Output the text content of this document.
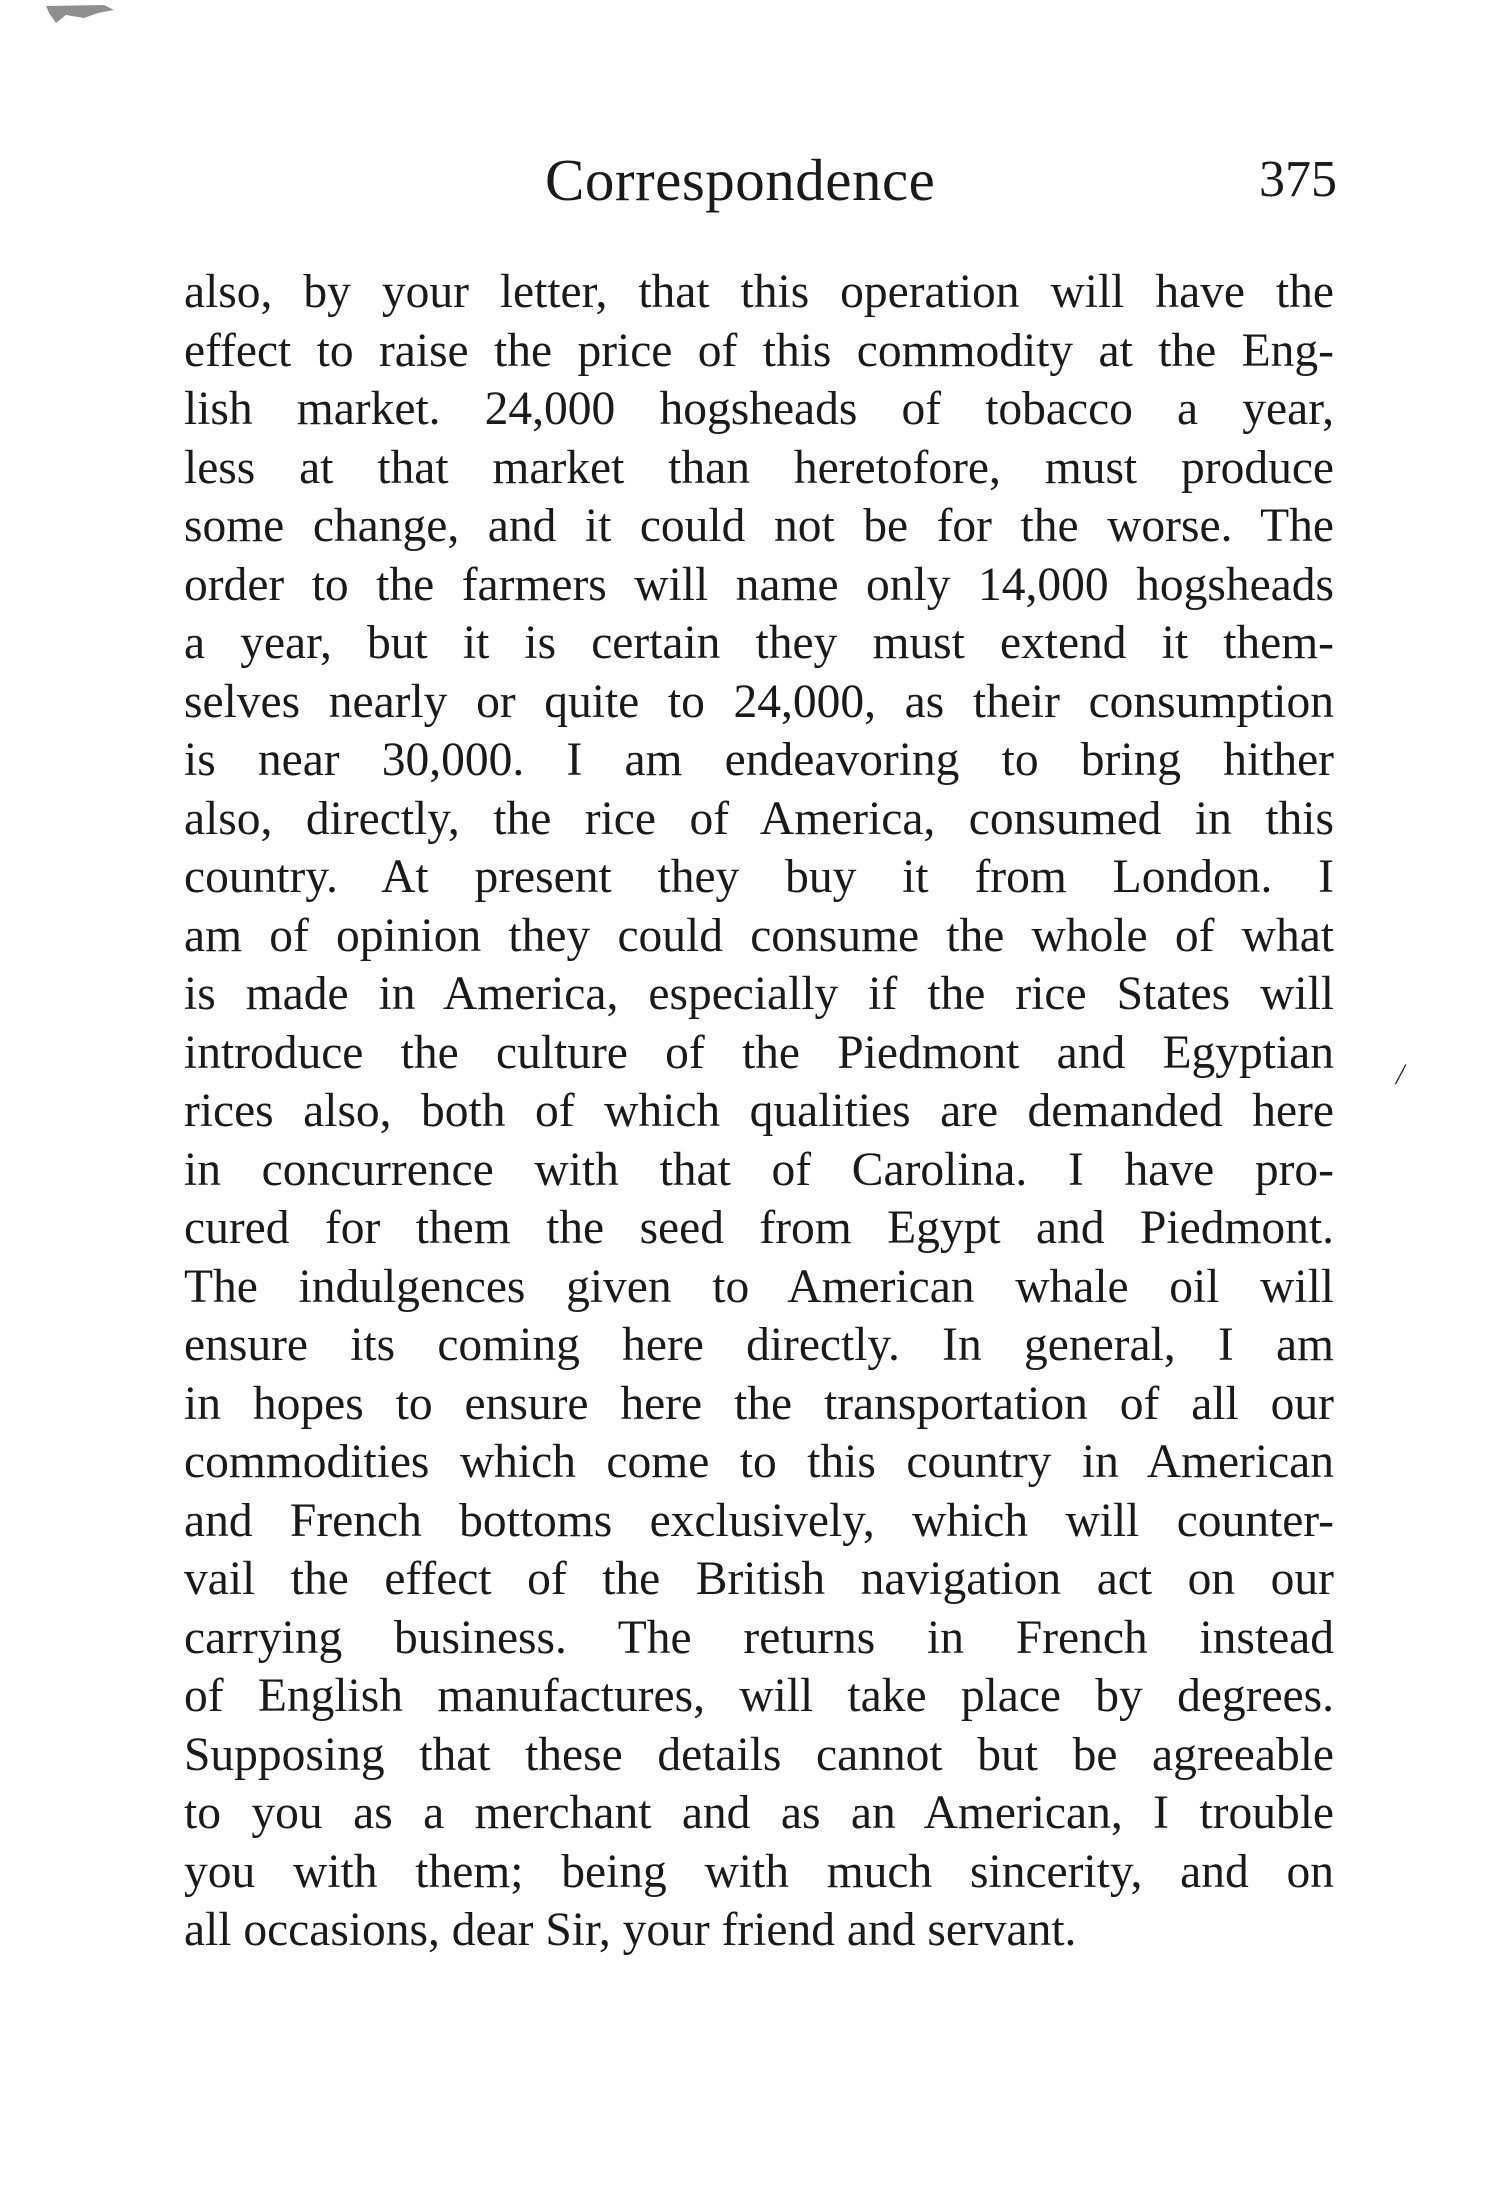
Correspondence	375
also, by your letter, that this operation will have the
effect to raise the price of this commodity at the Eng-
lish market. 24,000 hogsheads of tobacco a year,
less at that market than heretofore, must produce
some change, and it could not be for the worse. The
order to the farmers will name only 14,000 hogsheads
a year, but it is certain they must extend it them-
selves nearly or quite to 24,000, as their consumption
is near 30,000. I am endeavoring to bring hither
also, directly, the rice of America, consumed in this
country. At present they buy it from London. I
am of opinion they could consume the whole of what
is made in America, especially if the rice States will
introduce the culture of the Piedmont and Egyptian
rices also, both of which qualities are demanded here
in concurrence with that of Carolina. I have pro-
cured for them the seed from Egypt and Piedmont.
The indulgences given to American whale oil will
ensure its coming here directly. In general, I am
in hopes to ensure here the transportation of all our
commodities which come to this country in American
and French bottoms exclusively, which will counter-
vail the effect of the British navigation act on our
carrying business. The returns in French instead
of English manufactures, will take place by degrees.
Supposing that these details cannot but be agreeable
to you as a merchant and as an American, I trouble
you with them; being with much sincerity, and on
all occasions, dear Sir, your friend and servant.
/
